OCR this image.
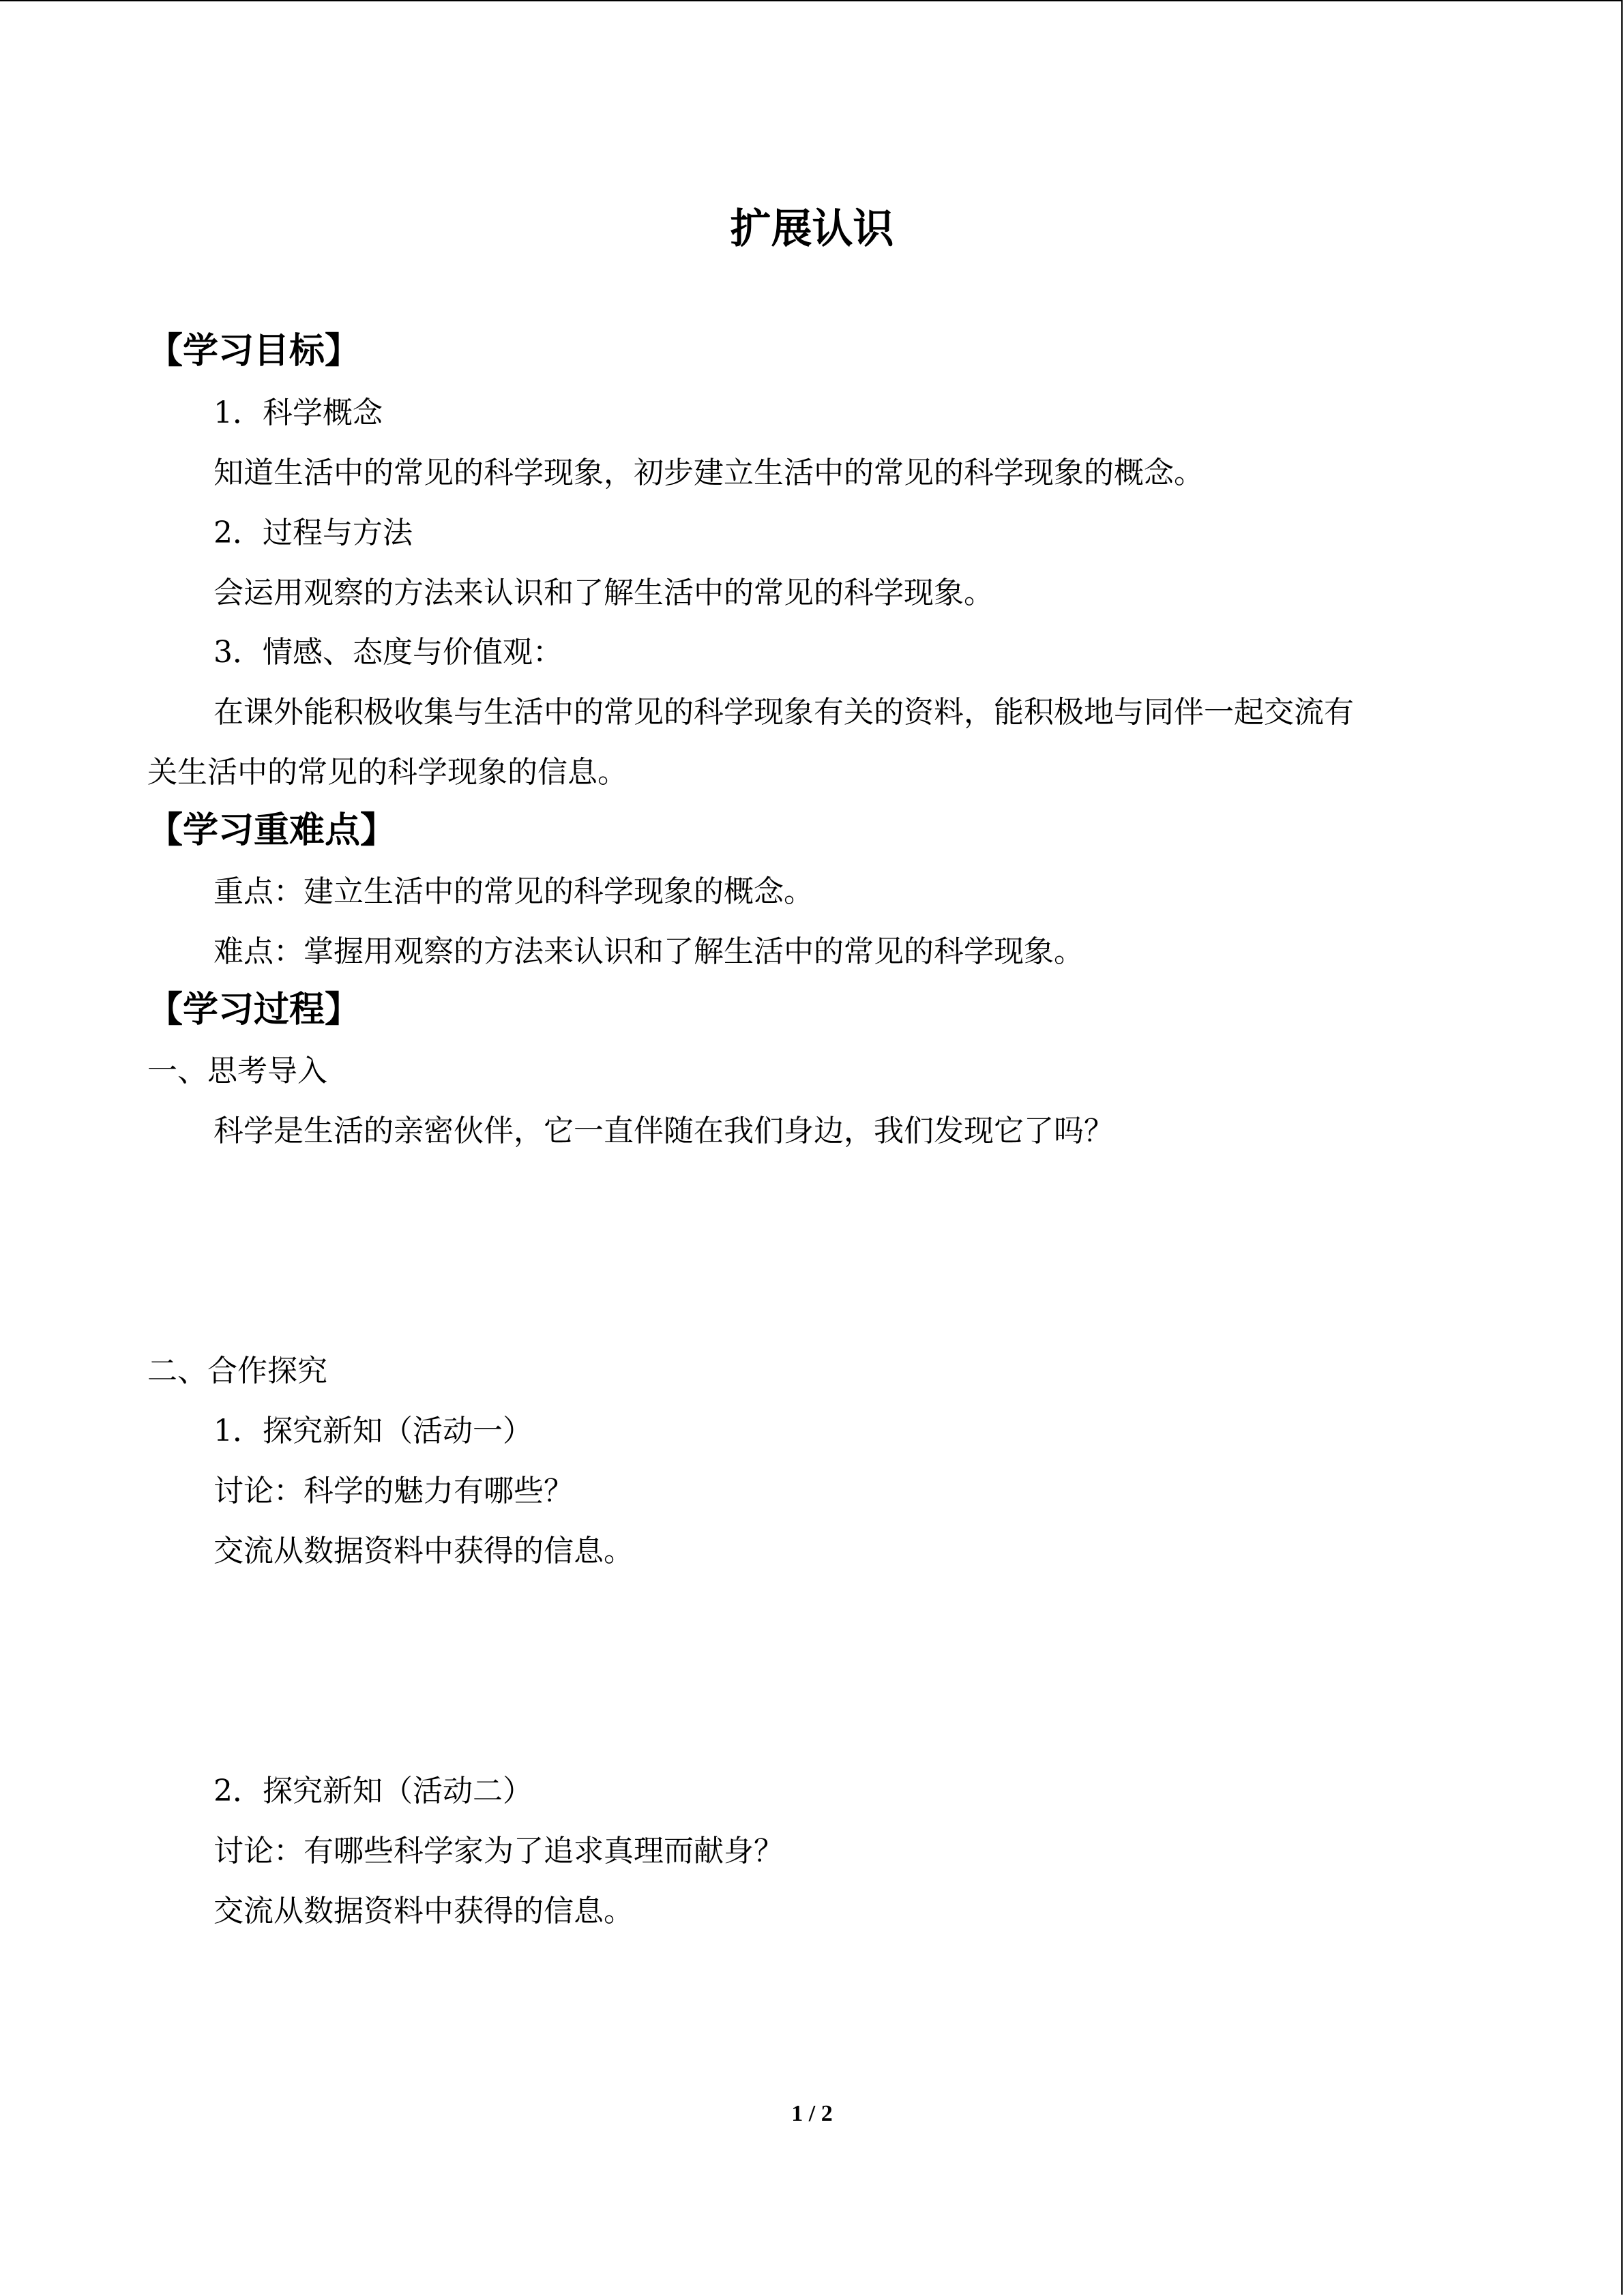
扩展认识
【学习目标】
1．科学概念
知道生活中的常见的科学现象，初步建立生活中的常见的科学现象的概念。
2．过程与方法
会运用观察的方法来认识和了解生活中的常见的科学现象。
3．情感、态度与价值观：
在课外能积极收集与生活中的常见的科学现象有关的资料，能积极地与同伴一起交流有
关生活中的常见的科学现象的信息。
【学习重难点】
重点：建立生活中的常见的科学现象的概念。
难点：掌握用观察的方法来认识和了解生活中的常见的科学现象。
【学习过程】
一、思考导入
科学是生活的亲密伙伴，它一直伴随在我们身边，我们发现它了吗？
二、合作探究
1．探究新知（活动一）
讨论：科学的魅力有哪些？
交流从数据资料中获得的信息。
2．探究新知（活动二）
讨论：有哪些科学家为了追求真理而献身？
交流从数据资料中获得的信息。
1 / 2
